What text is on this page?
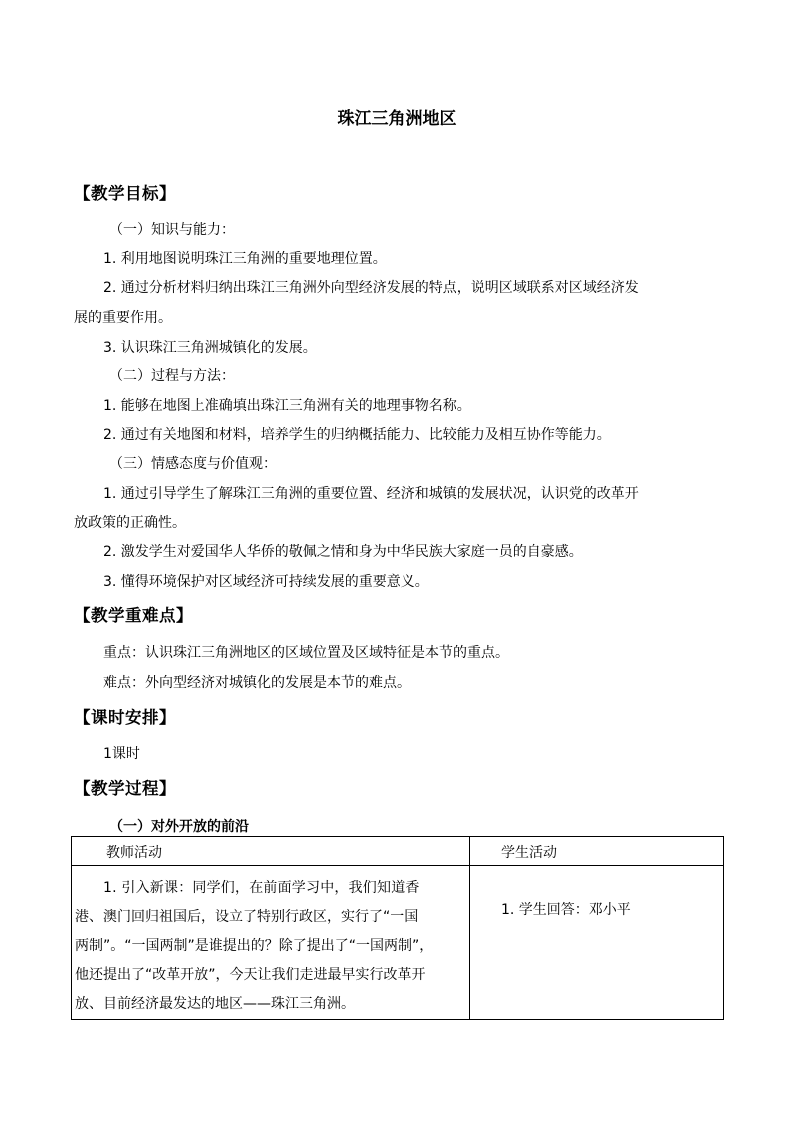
珠江三角洲地区
【教学目标】
（一）知识与能力：
1. 利用地图说明珠江三角洲的重要地理位置。
2. 通过分析材料归纳出珠江三角洲外向型经济发展的特点，说明区域联系对区域经济发
展的重要作用。
3. 认识珠江三角洲城镇化的发展。
（二）过程与方法：
1. 能够在地图上准确填出珠江三角洲有关的地理事物名称。
2. 通过有关地图和材料，培养学生的归纳概括能力、比较能力及相互协作等能力。
（三）情感态度与价值观：
1. 通过引导学生了解珠江三角洲的重要位置、经济和城镇的发展状况，认识党的改革开
放政策的正确性。
2. 激发学生对爱国华人华侨的敬佩之情和身为中华民族大家庭一员的自豪感。
3. 懂得环境保护对区域经济可持续发展的重要意义。
【教学重难点】
重点：认识珠江三角洲地区的区域位置及区域特征是本节的重点。
难点：外向型经济对城镇化的发展是本节的难点。
【课时安排】
1课时
【教学过程】
（一）对外开放的前沿
教师活动	学生活动

1. 引入新课：同学们，在前面学习中，我们知道香
港、澳门回归祖国后，设立了特别行政区，实行了“一国
两制”。“一国两制”是谁提出的？除了提出了“一国两制”，
他还提出了“改革开放”，今天让我们走进最早实行改革开
放、目前经济最发达的地区——珠江三角洲。	1. 学生回答：邓小平
